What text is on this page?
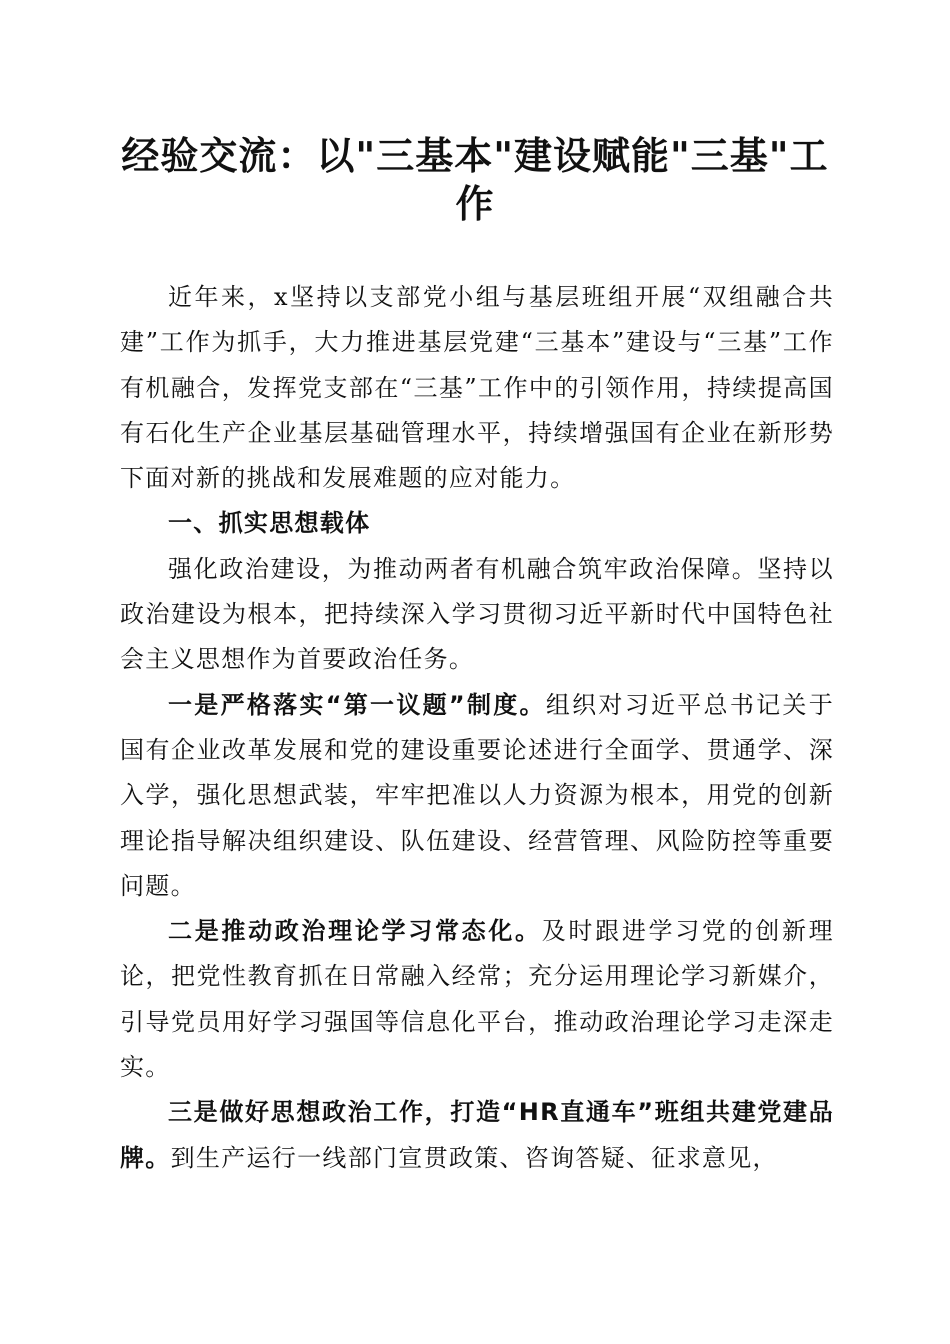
经验交流：以"三基本"建设赋能"三基"工作

近年来，x坚持以支部党小组与基层班组开展“双组融合共建”工作为抓手，大力推进基层党建“三基本”建设与“三基”工作有机融合，发挥党支部在“三基”工作中的引领作用，持续提高国有石化生产企业基层基础管理水平，持续增强国有企业在新形势下面对新的挑战和发展难题的应对能力。

一、抓实思想载体

强化政治建设，为推动两者有机融合筑牢政治保障。坚持以政治建设为根本，把持续深入学习贯彻习近平新时代中国特色社会主义思想作为首要政治任务。

一是严格落实“第一议题”制度。组织对习近平总书记关于国有企业改革发展和党的建设重要论述进行全面学、贯通学、深入学，强化思想武装，牢牢把准以人力资源为根本，用党的创新理论指导解决组织建设、队伍建设、经营管理、风险防控等重要问题。

二是推动政治理论学习常态化。及时跟进学习党的创新理论，把党性教育抓在日常融入经常；充分运用理论学习新媒介，引导党员用好学习强国等信息化平台，推动政治理论学习走深走实。

三是做好思想政治工作，打造“HR直通车”班组共建党建品牌。到生产运行一线部门宣贯政策、咨询答疑、征求意见，
